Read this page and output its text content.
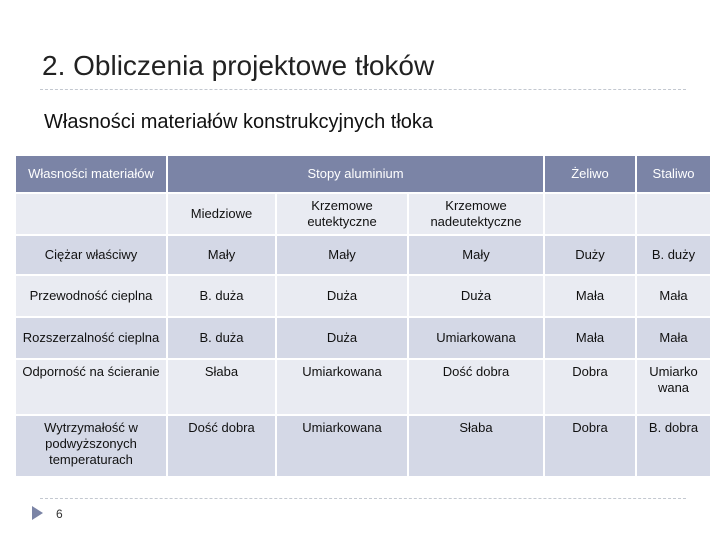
2. Obliczenia projektowe tłoków
Własności materiałów konstrukcyjnych tłoka
Własności materiałów	Stopy aluminium			Żeliwo	Staliwo
	Miedziowe	Krzemowe eutektyczne	Krzemowe nadeutektyczne		
Ciężar właściwy	Mały	Mały	Mały	Duży	B. duży
Przewodność cieplna	B. duża	Duża	Duża	Mała	Mała
Rozszerzalność cieplna	B. duża	Duża	Umiarkowana	Mała	Mała
Odporność na ścieranie	Słaba	Umiarkowana	Dość dobra	Dobra	Umiarko wana
Wytrzymałość w podwyższonych temperaturach	Dość dobra	Umiarkowana	Słaba	Dobra	B. dobra
6
